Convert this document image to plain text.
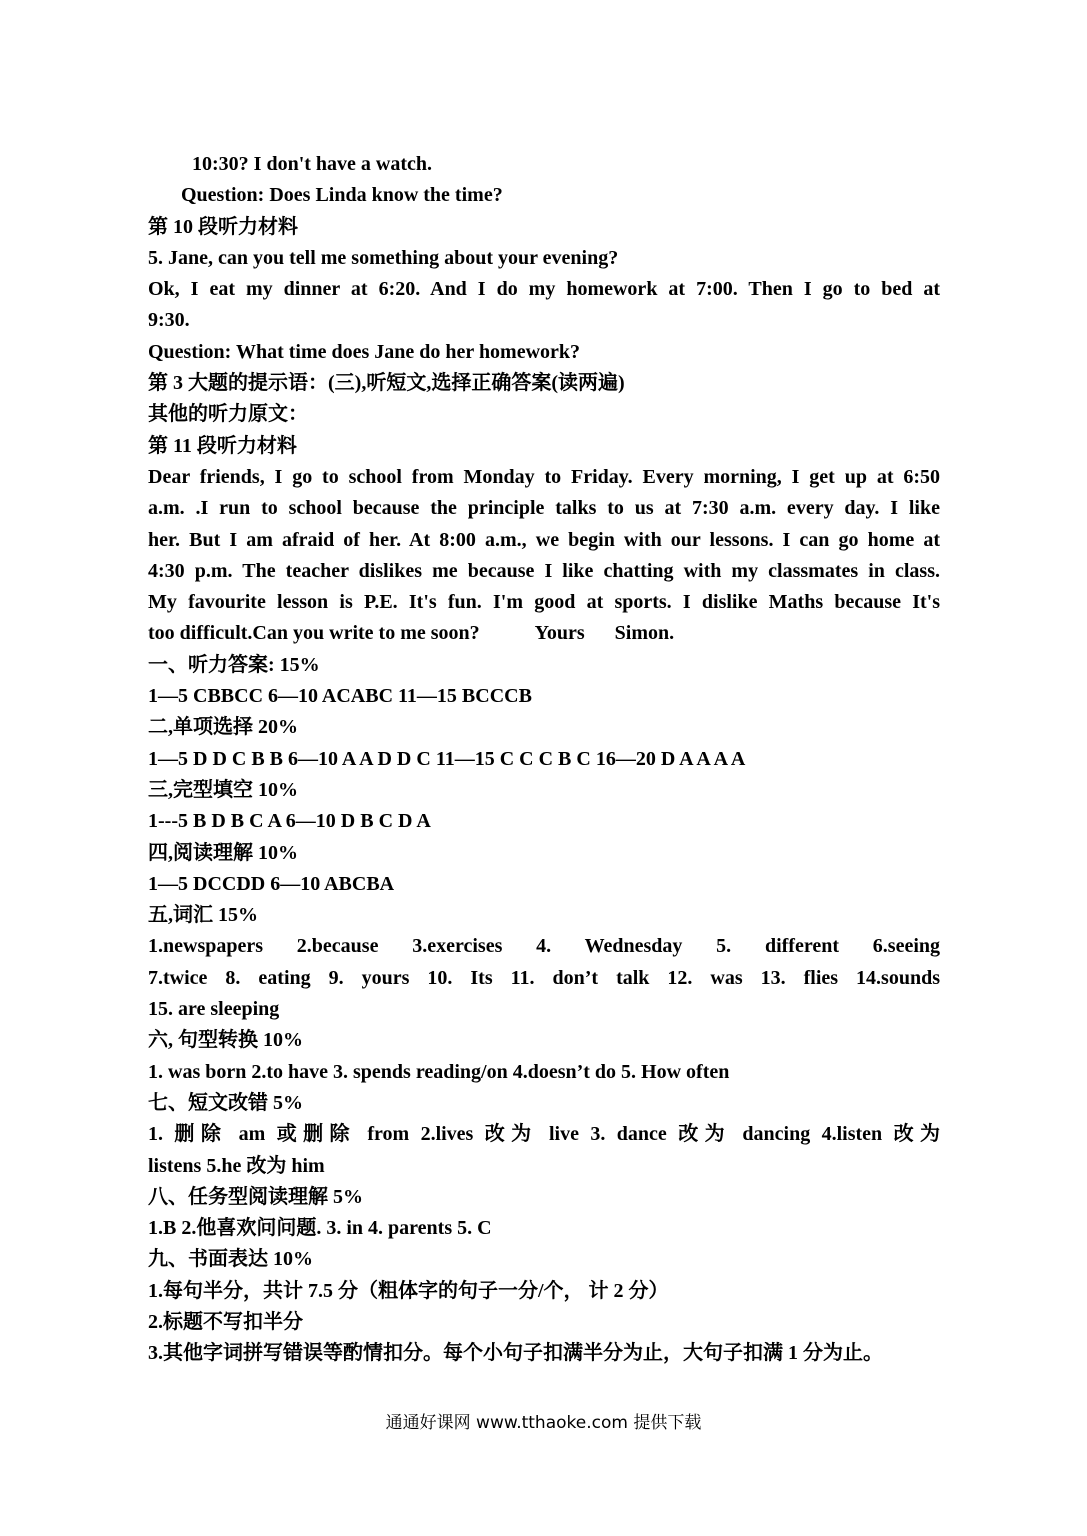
10:30? I don't have a watch.
Question: Does Linda know the time?
第 10 段听力材料
5. Jane, can you tell me something about your evening?
Ok, I eat my dinner at 6:20. And I do my homework at 7:00. Then I go to bed at
9:30.
Question: What time does Jane do her homework?
第 3 大题的提示语：(三),听短文,选择正确答案(读两遍)
其他的听力原文：
第 11 段听力材料
Dear friends, I go to school from Monday to Friday. Every morning, I get up at 6:50
a.m. .I run to school because the principle talks to us at 7:30 a.m. every day. I like
her. But I am afraid of her. At 8:00 a.m., we begin with our lessons. I can go home at
4:30 p.m. The teacher dislikes me because I like chatting with my classmates in class.
My favourite lesson is P.E. It's fun. I'm good at sports. I dislike Maths because It's
too difficult.Can you write to me soon?	Yours Simon.
一、听力答案: 15%
1—5 CBBCC 6—10 ACABC 11—15 BCCCB
二,单项选择 20%
1—5 D D C B B 6—10 A A D D C 11—15 C C C B C 16—20 D A A A A
三,完型填空 10%
1---5 B D B C A 6—10 D B C D A
四,阅读理解 10%
1—5 DCCDD 6—10 ABCBA
五,词汇 15%
1.newspapers 2.because 3.exercises 4. Wednesday 5. different 6.seeing
7.twice 8. eating 9. yours 10. Its 11. don’t talk 12. was 13. flies 14.sounds
15. are sleeping
六, 句型转换 10%
1. was born 2.to have 3. spends reading/on 4.doesn’t do 5. How often
七、短文改错 5%
1. 删除 am 或删除 from 2.lives 改为 live 3. dance 改为 dancing 4.listen 改为
listens 5.he 改为 him
八、任务型阅读理解 5%
1.B 2.他喜欢问问题. 3. in 4. parents 5. C
九、书面表达 10%
1.每句半分，共计 7.5 分（粗体字的句子一分/个， 计 2 分）
2.标题不写扣半分
3.其他字词拼写错误等酌情扣分。每个小句子扣满半分为止，大句子扣满 1 分为止。
通通好课网 www.tthaoke.com 提供下载
